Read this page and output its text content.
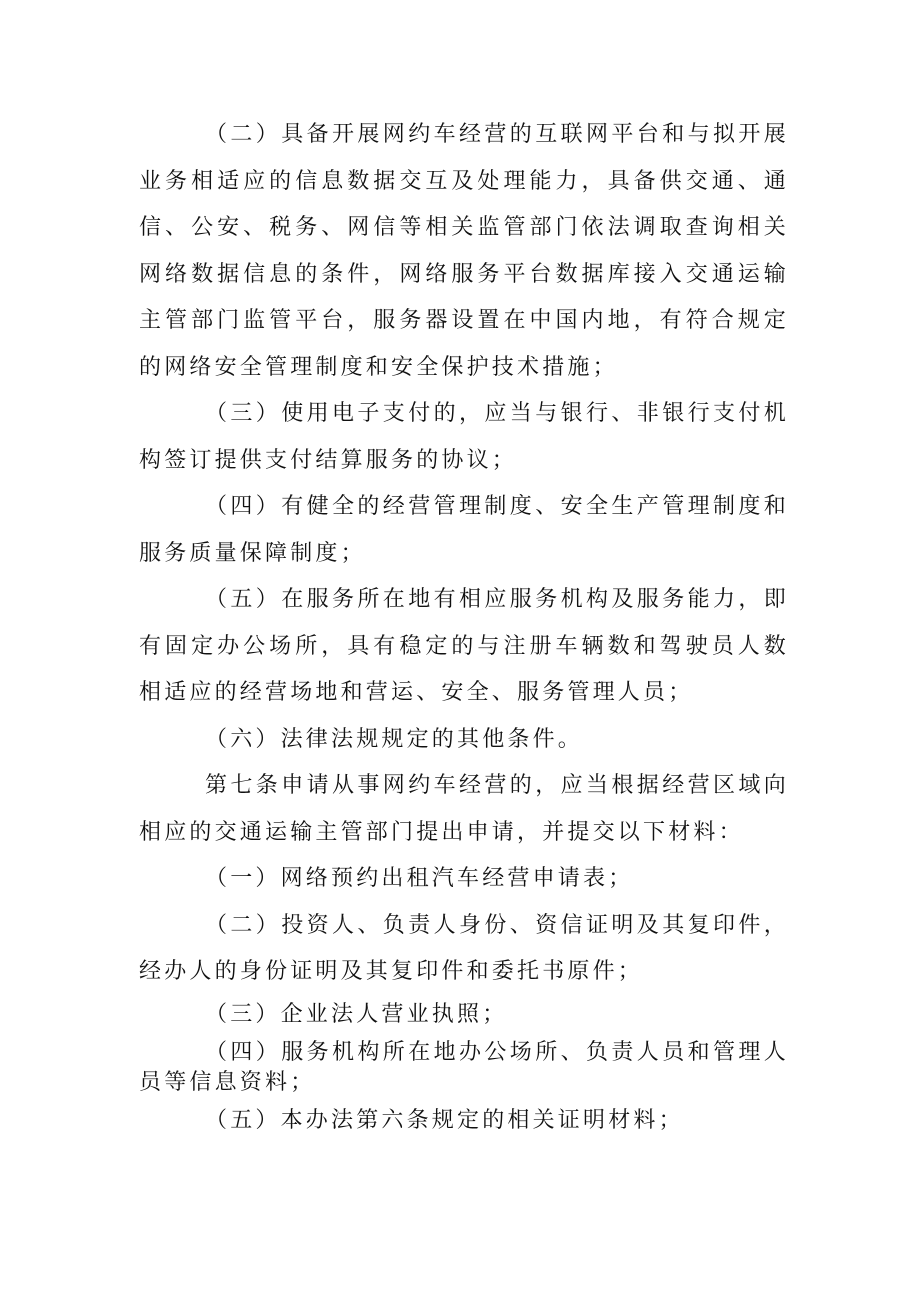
（二）具备开展网约车经营的互联网平台和与拟开展业务相适应的信息数据交互及处理能力，具备供交通、通信、公安、税务、网信等相关监管部门依法调取查询相关网络数据信息的条件，网络服务平台数据库接入交通运输主管部门监管平台，服务器设置在中国内地，有符合规定的网络安全管理制度和安全保护技术措施；

（三）使用电子支付的，应当与银行、非银行支付机构签订提供支付结算服务的协议；

（四）有健全的经营管理制度、安全生产管理制度和服务质量保障制度；

（五）在服务所在地有相应服务机构及服务能力，即有固定办公场所，具有稳定的与注册车辆数和驾驶员人数相适应的经营场地和营运、安全、服务管理人员；

（六）法律法规规定的其他条件。

第七条申请从事网约车经营的，应当根据经营区域向相应的交通运输主管部门提出申请，并提交以下材料：

（一）网络预约出租汽车经营申请表；

（二）投资人、负责人身份、资信证明及其复印件，经办人的身份证明及其复印件和委托书原件；

（三）企业法人营业执照；

（四）服务机构所在地办公场所、负责人员和管理人员等信息资料；

（五）本办法第六条规定的相关证明材料；
